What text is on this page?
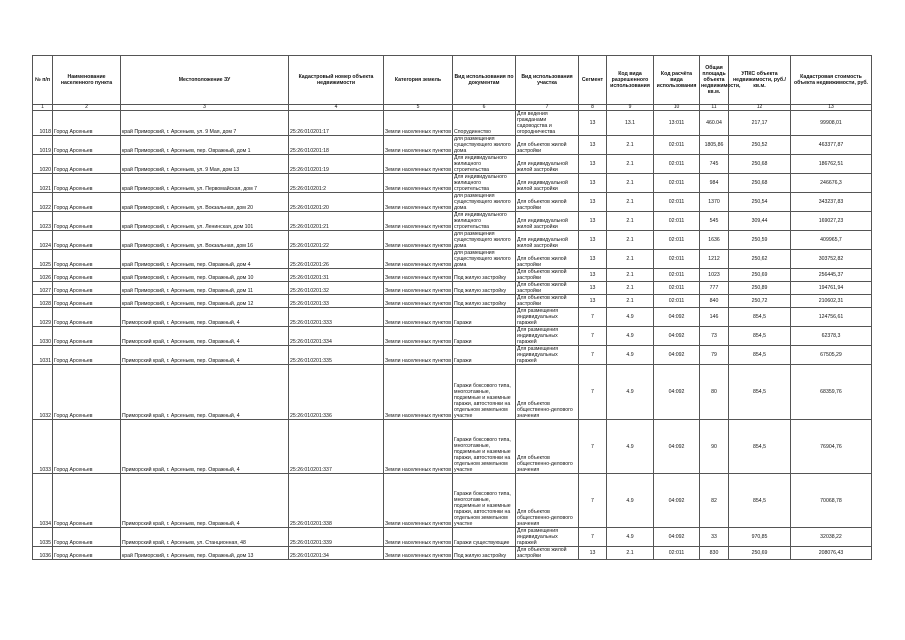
№ п/п	Наименование населенного пункта	Местоположение ЗУ	Кадастровый номер объекта недвижимости	Категория земель	Вид использования по документам	Вид использования участка	Сегмент	Код вида разрешенного использования	Код расчёта вида использования	Общая площадь объекта недвижимости, кв.м.	УПКС объекта недвижимости, руб./кв.м.	Кадастровая стоимость объекта недвижимости, руб.
1	2	3	4	5	6	7	8	9	10	11	12	13
1018	Город Арсеньев	край Приморский, г. Арсеньев, ул. 9 Мая, дом 7	25:26:010201:17	Земли населенных пунктов	Спорудиннство	Для ведения гражданами садоводства и огородничества	13	13.1	13:011	460.04	217,17	99908,01
1019	Город Арсеньев	край Приморский, г. Арсеньев, пер. Овражный, дом 1	25:26:010201:18	Земли населенных пунктов	для размещения существующего жилого дома	Для объектов жилой застройки	13	2.1	02:011	1805,86	250,52	463377,87
1020	Город Арсеньев	край Приморский, г. Арсеньев, ул. 9 Мая, дом 13	25:26:010201:19	Земли населенных пунктов	Для индивидуального жилищного строительства	Для индивидуальной жилой застройки	13	2.1	02:011	745	250,68	186762,51
1021	Город Арсеньев	край Приморский, г. Арсеньев, ул. Первомайская, дом 7	25:26:010201:2	Земли населенных пунктов	Для индивидуального жилищного строительства	Для индивидуальной жилой застройки	13	2.1	02:011	984	250,68	246676,3
1022	Город Арсеньев	край Приморский, г. Арсеньев, ул. Вокзальная, дом 20	25:26:010201:20	Земли населенных пунктов	для размещения существующего жилого дома	Для объектов жилой застройки	13	2.1	02:011	1370	250,54	343237,83
1023	Город Арсеньев	край Приморский, г. Арсеньев, ул. Ленинская, дом 101	25:26:010201:21	Земли населенных пунктов	Для индивидуального жилищного строительства	Для индивидуальной жилой застройки	13	2.1	02:011	545	309,44	169027,23
1024	Город Арсеньев	край Приморский, г. Арсеньев, ул. Вокзальная, дом 16	25:26:010201:22	Земли населенных пунктов	для размещения существующего жилого дома	Для индивидуальной жилой застройки	13	2.1	02:011	1636	250,59	409965,7
1025	Город Арсеньев	край Приморский, г. Арсеньев, пер. Овражный, дом 4	25:26:010201:26	Земли населенных пунктов	для размещения существующего жилого дома	Для объектов жилой застройки	13	2.1	02:011	1212	250,62	303752,82
1026	Город Арсеньев	край Приморский, г. Арсеньев, пер. Овражный, дом 10	25:26:010201:31	Земли населенных пунктов	Под жилую застройку	Для объектов жилой застройки	13	2.1	02:011	1023	250,69	256445,37
1027	Город Арсеньев	край Приморский, г. Арсеньев, пер. Овражный, дом 11	25:26:010201:32	Земли населенных пунктов	Под жилую застройку	Для объектов жилой застройки	13	2.1	02:011	777	250,89	194761,94
1028	Город Арсеньев	край Приморский, г. Арсеньев, пер. Овражный, дом 12	25:26:010201:33	Земли населенных пунктов	Под жилую застройку	Для объектов жилой застройки	13	2.1	02:011	840	250,72	210602,31
1029	Город Арсеньев	Приморский край, г. Арсеньев, пер. Овражный, 4	25:26:010201:333	Земли населенных пунктов	Гаражи	Для размещения индивидуальных гаражей	7	4.9	04:092	146	854,5	124756,61
1030	Город Арсеньев	Приморский край, г. Арсеньев, пер. Овражный, 4	25:26:010201:334	Земли населенных пунктов	Гаражи	Для размещения индивидуальных гаражей	7	4.9	04:092	73	854,5	62378,3
1031	Город Арсеньев	Приморский край, г. Арсеньев, пер. Овражный, 4	25:26:010201:335	Земли населенных пунктов	Гаражи	Для размещения индивидуальных гаражей	7	4.9	04:092	79	854,5	67505,29
1032	Город Арсеньев	Приморский край, г. Арсеньев, пер. Овражный, 4	25:26:010201:336	Земли населенных пунктов	Гаражи боксового типа, многоэтажные, подземные и наземные гаражи, автостоянки на отдельном земельном участке	Для объектов общественно-делового значения	7	4.9	04:092	80	854,5	68359,76
1033	Город Арсеньев	Приморский край, г. Арсеньев, пер. Овражный, 4	25:26:010201:337	Земли населенных пунктов	Гаражи боксового типа, многоэтажные, подземные и наземные гаражи, автостоянки на отдельном земельном участке	Для объектов общественно-делового значения	7	4.9	04:092	90	854,5	76904,76
1034	Город Арсеньев	Приморский край, г. Арсеньев, пер. Овражный, 4	25:26:010201:338	Земли населенных пунктов	Гаражи боксового типа, многоэтажные, подземные и наземные гаражи, автостоянки на отдельном земельном участке	Для объектов общественно-делового значения	7	4.9	04:092	82	854,5	70068,78
1035	Город Арсеньев	Приморский край, г. Арсеньев, ул. Станционная, 48	25:26:010201:339	Земли населенных пунктов	Гаражи существующие	Для размещения индивидуальных гаражей	7	4.9	04:092	33	970,85	32038,22
1036	Город Арсеньев	край Приморский, г. Арсеньев, пер. Овражный, дом 13	25:26:010201:34	Земли населенных пунктов	Под жилую застройку	Для объектов жилой застройки	13	2.1	02:011	830	250,69	208076,43
